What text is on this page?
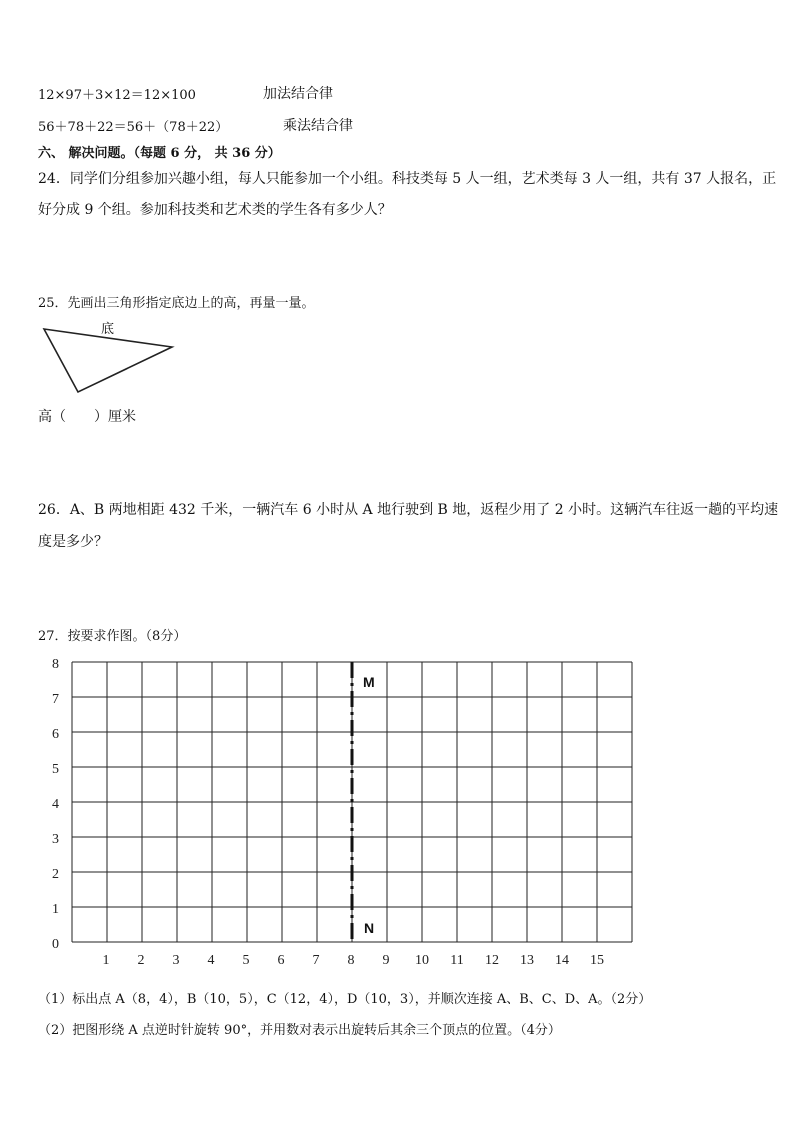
12×97＋3×12＝12×100	加法结合律
56＋78＋22＝56＋（78＋22）	乘法结合律
六、 解决问题。（每题 6 分， 共 36 分）
24．同学们分组参加兴趣小组，每人只能参加一个小组。科技类每 5 人一组，艺术类每 3 人一组，共有 37 人报名，正
好分成 9 个组。参加科技类和艺术类的学生各有多少人？
25．先画出三角形指定底边上的高，再量一量。
底
高（　　）厘米
26．A、B 两地相距 432 千米，一辆汽车 6 小时从 A 地行驶到 B 地，返程少用了 2 小时。这辆汽车往返一趟的平均速
度是多少？
27．按要求作图。（8分）
0
1 2 3 4 5 6 7 8 9 10 11 12 13 14 15
1
2
3
4
5
6
7
8
M
N
（1）标出点 A（8，4），B（10，5），C（12，4），D（10，3），并顺次连接 A、B、C、D、A。（2分）
（2）把图形绕 A 点逆时针旋转 90°，并用数对表示出旋转后其余三个顶点的位置。（4分）
